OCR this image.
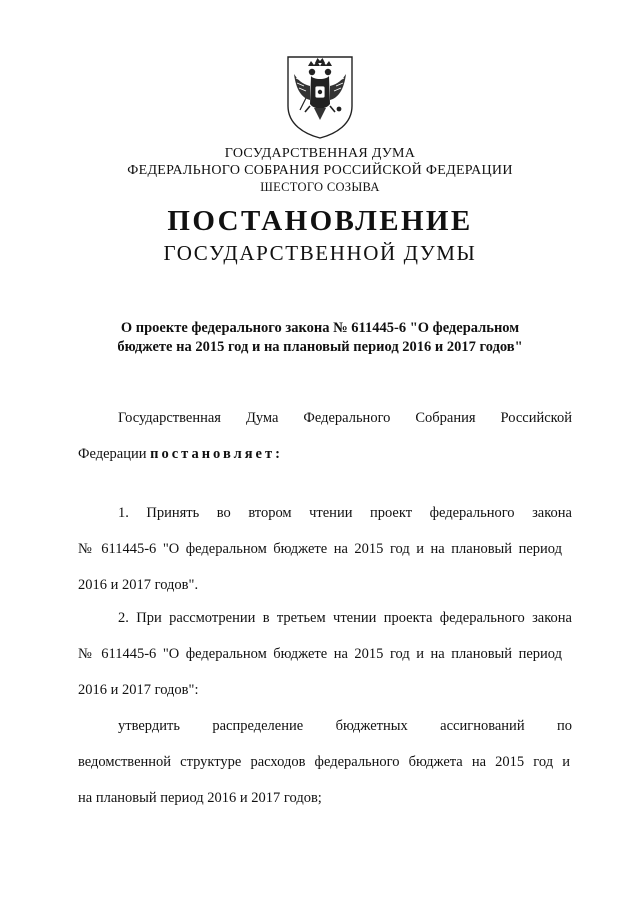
ГОСУДАРСТВЕННАЯ ДУМА
ФЕДЕРАЛЬНОГО СОБРАНИЯ РОССИЙСКОЙ ФЕДЕРАЦИИ
ШЕСТОГО СОЗЫВА
ПОСТАНОВЛЕНИЕ
ГОСУДАРСТВЕННОЙ ДУМЫ
О проекте федерального закона № 611445-6 "О федеральном
бюджете на 2015 год и на плановый период 2016 и 2017 годов"
Государственная Дума Федерального Собрания Российской
Федерации постановляет:
1. Принять во втором чтении проект федерального закона
№ 611445-6 "О федеральном бюджете на 2015 год и на плановый период
2016 и 2017 годов".
2. При рассмотрении в третьем чтении проекта федерального закона
№ 611445-6 "О федеральном бюджете на 2015 год и на плановый период
2016 и 2017 годов":
утвердить распределение бюджетных ассигнований по
ведомственной структуре расходов федерального бюджета на 2015 год и
на плановый период 2016 и 2017 годов;
